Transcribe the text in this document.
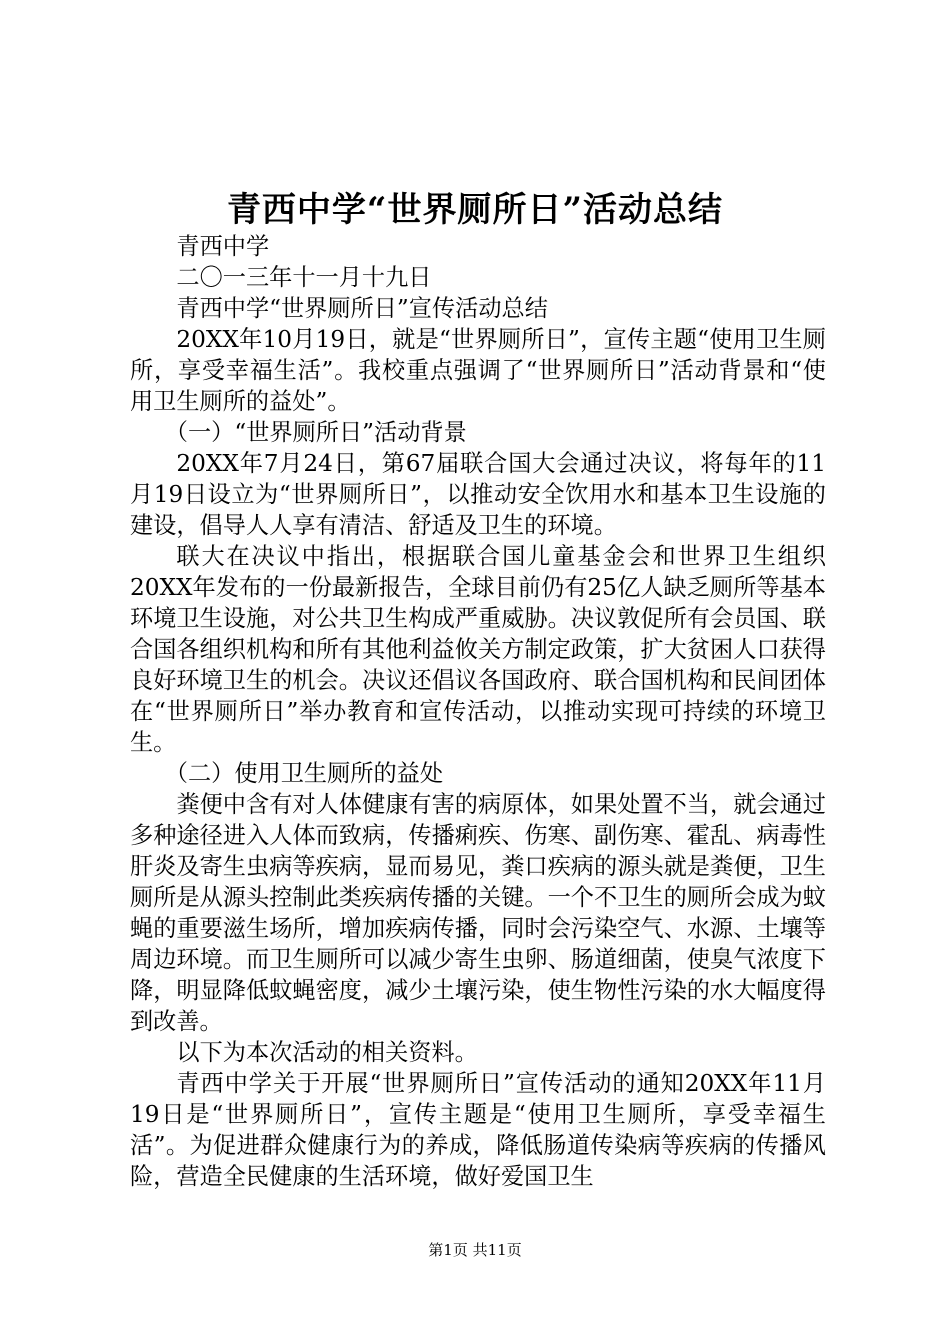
青西中学“世界厕所日”活动总结

青西中学

二〇一三年十一月十九日

青西中学“世界厕所日”宣传活动总结

20XX年10月19日，就是“世界厕所日”，宣传主题“使用卫生厕所，享受幸福生活”。我校重点强调了“世界厕所日”活动背景和“使用卫生厕所的益处”。

（一）“世界厕所日”活动背景

20XX年7月24日，第67届联合国大会通过决议，将每年的11月19日设立为“世界厕所日”，以推动安全饮用水和基本卫生设施的建设，倡导人人享有清洁、舒适及卫生的环境。

联大在决议中指出，根据联合国儿童基金会和世界卫生组织20XX年发布的一份最新报告，全球目前仍有25亿人缺乏厕所等基本环境卫生设施，对公共卫生构成严重威胁。决议敦促所有会员国、联合国各组织机构和所有其他利益攸关方制定政策，扩大贫困人口获得良好环境卫生的机会。决议还倡议各国政府、联合国机构和民间团体在“世界厕所日”举办教育和宣传活动，以推动实现可持续的环境卫生。

（二）使用卫生厕所的益处

粪便中含有对人体健康有害的病原体，如果处置不当，就会通过多种途径进入人体而致病，传播痢疾、伤寒、副伤寒、霍乱、病毒性肝炎及寄生虫病等疾病，显而易见，粪口疾病的源头就是粪便，卫生厕所是从源头控制此类疾病传播的关键。一个不卫生的厕所会成为蚊蝇的重要滋生场所，增加疾病传播，同时会污染空气、水源、土壤等周边环境。而卫生厕所可以减少寄生虫卵、肠道细菌，使臭气浓度下降，明显降低蚊蝇密度，减少土壤污染，使生物性污染的水大幅度得到改善。

以下为本次活动的相关资料。

青西中学关于开展“世界厕所日”宣传活动的通知20XX年11月19日是“世界厕所日”，宣传主题是“使用卫生厕所，享受幸福生活”。为促进群众健康行为的养成，降低肠道传染病等疾病的传播风险，营造全民健康的生活环境，做好爱国卫生

第1页 共11页
